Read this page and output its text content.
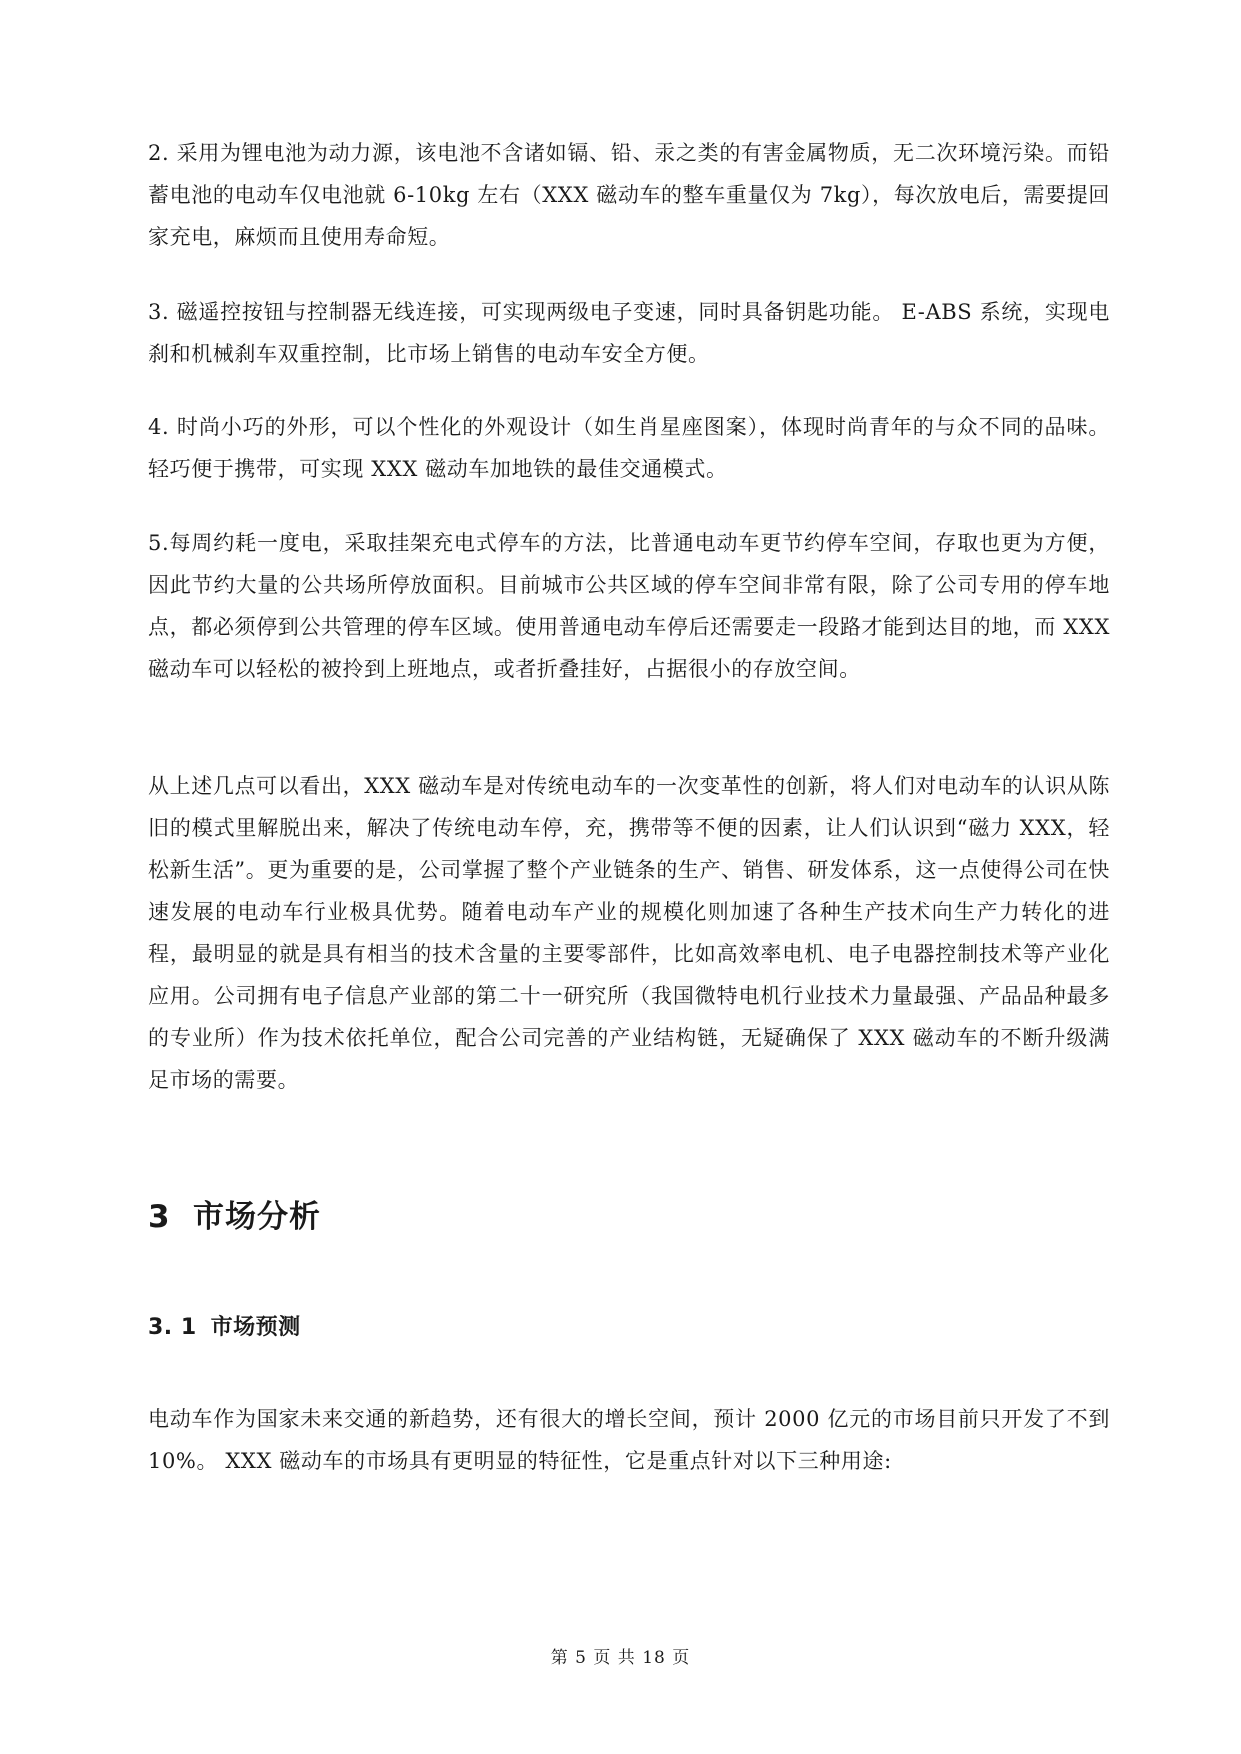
2. 采用为锂电池为动力源，该电池不含诸如镉、铅、汞之类的有害金属物质，无二次环境污染。而铅蓄电池的电动车仅电池就 6-10kg 左右（XXX 磁动车的整车重量仅为 7kg），每次放电后，需要提回家充电，麻烦而且使用寿命短。

3. 磁遥控按钮与控制器无线连接，可实现两级电子变速，同时具备钥匙功能。 E-ABS 系统，实现电刹和机械刹车双重控制，比市场上销售的电动车安全方便。

4. 时尚小巧的外形，可以个性化的外观设计（如生肖星座图案），体现时尚青年的与众不同的品味。 轻巧便于携带，可实现 XXX 磁动车加地铁的最佳交通模式。

5.每周约耗一度电，采取挂架充电式停车的方法，比普通电动车更节约停车空间，存取也更为方便，因此节约大量的公共场所停放面积。目前城市公共区域的停车空间非常有限，除了公司专用的停车地点，都必须停到公共管理的停车区域。使用普通电动车停后还需要走一段路才能到达目的地，而 XXX 磁动车可以轻松的被拎到上班地点，或者折叠挂好，占据很小的存放空间。

从上述几点可以看出，XXX 磁动车是对传统电动车的一次变革性的创新，将人们对电动车的认识从陈旧的模式里解脱出来，解决了传统电动车停，充，携带等不便的因素，让人们认识到“磁力 XXX，轻松新生活”。更为重要的是，公司掌握了整个产业链条的生产、销售、研发体系，这一点使得公司在快速发展的电动车行业极具优势。随着电动车产业的规模化则加速了各种生产技术向生产力转化的进程，最明显的就是具有相当的技术含量的主要零部件，比如高效率电机、电子电器控制技术等产业化应用。公司拥有电子信息产业部的第二十一研究所（我国微特电机行业技术力量最强、产品品种最多的专业所）作为技术依托单位，配合公司完善的产业结构链，无疑确保了 XXX 磁动车的不断升级满足市场的需要。

3 市场分析
3. 1 市场预测

电动车作为国家未来交通的新趋势，还有很大的增长空间，预计 2000 亿元的市场目前只开发了不到 10%。 XXX 磁动车的市场具有更明显的特征性，它是重点针对以下三种用途:

第 5 页 共 18 页
